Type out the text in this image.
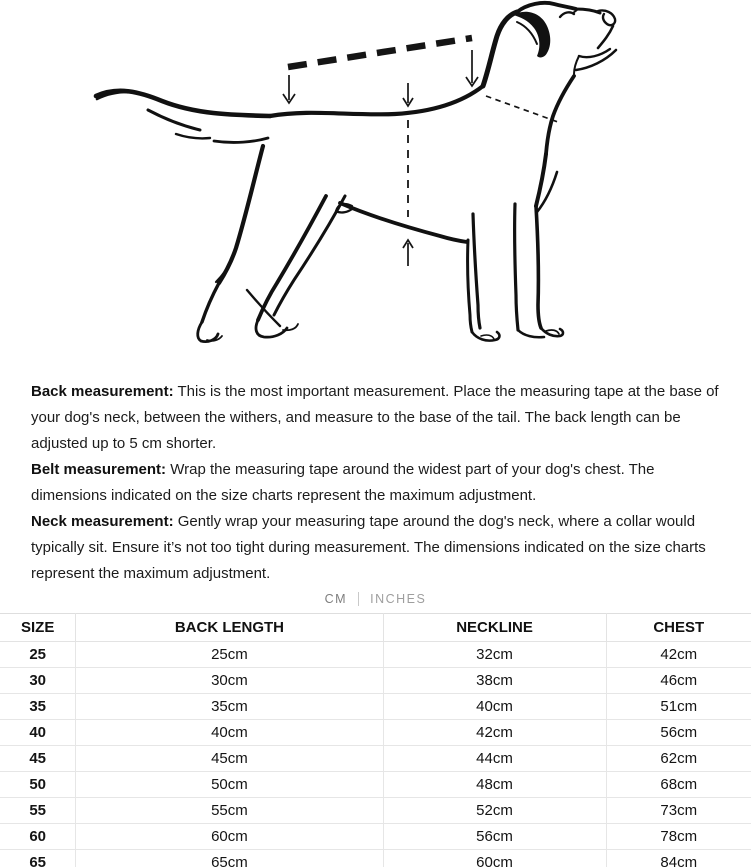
Back measurement: This is the most important measurement. Place the measuring tape at the base of your dog's neck, between the withers, and measure to the base of the tail. The back length can be adjusted up to 5 cm shorter.

Belt measurement: Wrap the measuring tape around the widest part of your dog's chest. The dimensions indicated on the size charts represent the maximum adjustment.

Neck measurement: Gently wrap your measuring tape around the dog's neck, where a collar would typically sit. Ensure it’s not too tight during measurement. The dimensions indicated on the size charts represent the maximum adjustment.

CM INCHES
SIZE	BACK LENGTH	NECKLINE	CHEST
25	25cm	32cm	42cm
30	30cm	38cm	46cm
35	35cm	40cm	51cm
40	40cm	42cm	56cm
45	45cm	44cm	62cm
50	50cm	48cm	68cm
55	55cm	52cm	73cm
60	60cm	56cm	78cm
65	65cm	60cm	84cm
